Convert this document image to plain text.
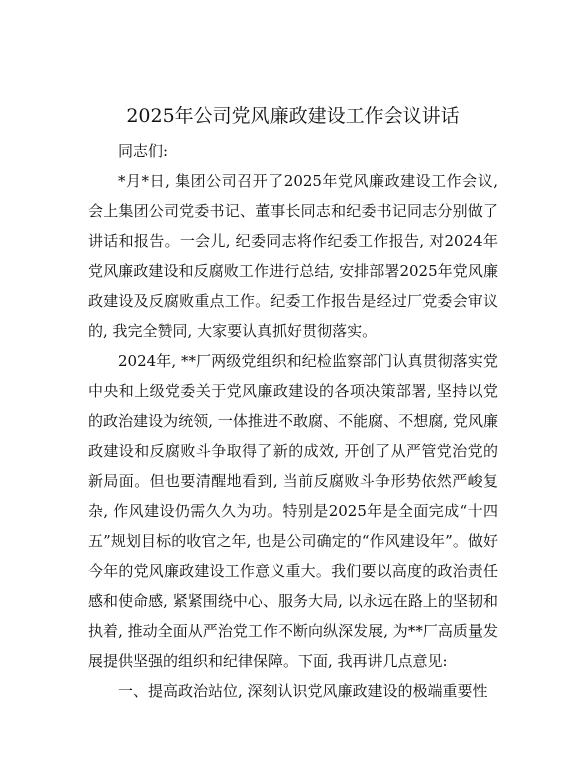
2025年公司党风廉政建设工作会议讲话

同志们:

*月*日, 集团公司召开了2025年党风廉政建设工作会议, 会上集团公司党委书记、董事长同志和纪委书记同志分别做了讲话和报告。一会儿, 纪委同志将作纪委工作报告, 对2024年党风廉政建设和反腐败工作进行总结, 安排部署2025年党风廉政建设及反腐败重点工作。纪委工作报告是经过厂党委会审议的, 我完全赞同, 大家要认真抓好贯彻落实。

2024年, **厂两级党组织和纪检监察部门认真贯彻落实党中央和上级党委关于党风廉政建设的各项决策部署, 坚持以党的政治建设为统领, 一体推进不敢腐、不能腐、不想腐, 党风廉政建设和反腐败斗争取得了新的成效, 开创了从严管党治党的新局面。但也要清醒地看到, 当前反腐败斗争形势依然严峻复杂, 作风建设仍需久久为功。特别是2025年是全面完成“十四五”规划目标的收官之年, 也是公司确定的“作风建设年”。做好今年的党风廉政建设工作意义重大。我们要以高度的政治责任感和使命感, 紧紧围绕中心、服务大局, 以永远在路上的坚韧和执着, 推动全面从严治党工作不断向纵深发展, 为**厂高质量发展提供坚强的组织和纪律保障。下面, 我再讲几点意见:

一、提高政治站位, 深刻认识党风廉政建设的极端重要性
